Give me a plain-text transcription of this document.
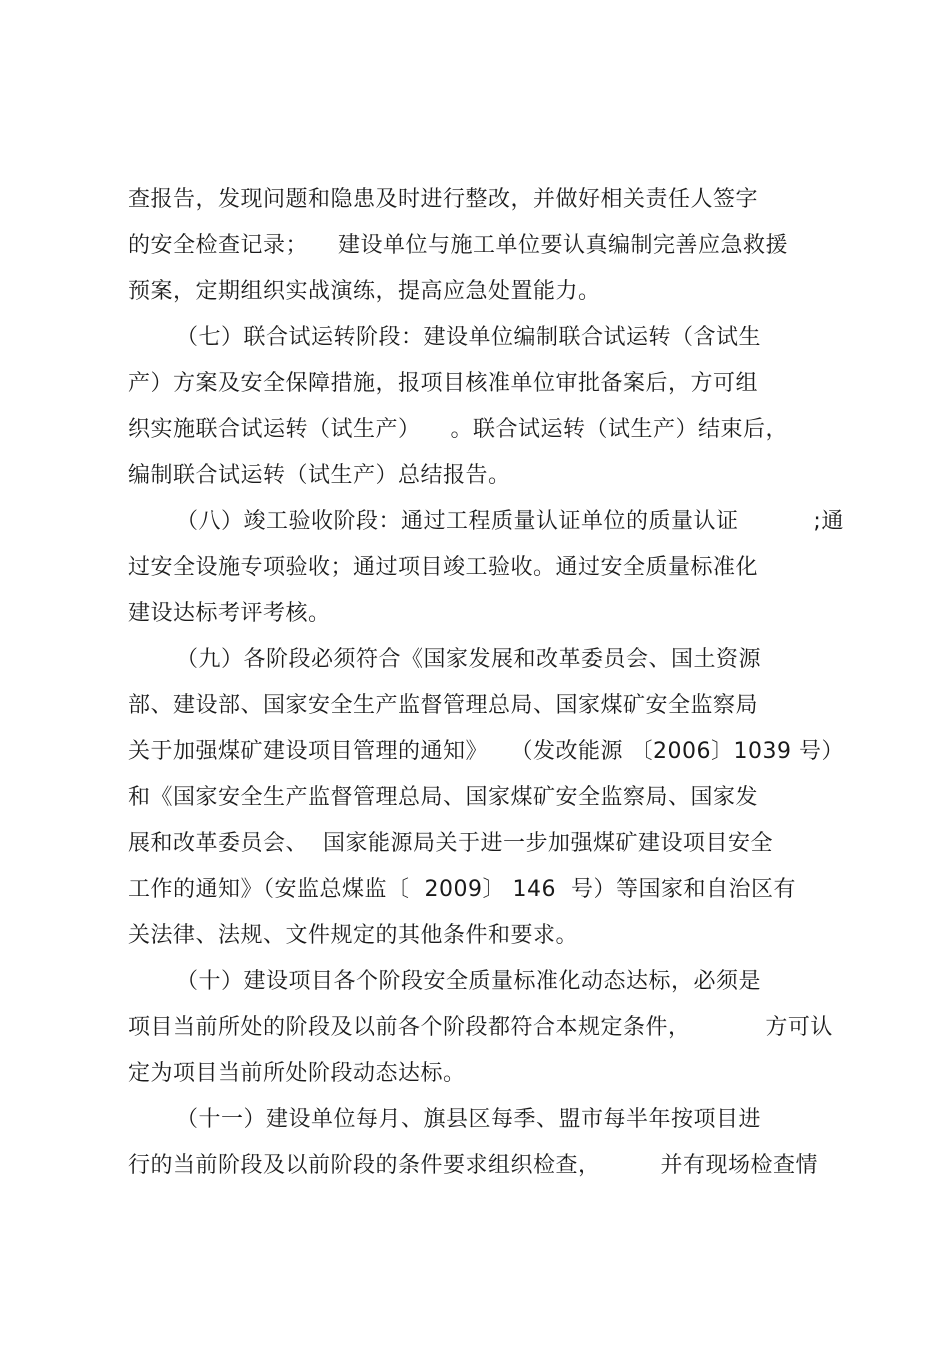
查报告，发现问题和隐患及时进行整改，并做好相关责任人签字
的安全检查记录；    建设单位与施工单位要认真编制完善应急救援
预案，定期组织实战演练，提高应急处置能力。
（七）联合试运转阶段：建设单位编制联合试运转（含试生
产）方案及安全保障措施，报项目核准单位审批备案后，方可组
织实施联合试运转（试生产）    。联合试运转（试生产）结束后，
编制联合试运转（试生产）总结报告。
（八）竣工验收阶段：通过工程质量认证单位的质量认证          ;通
过安全设施专项验收；通过项目竣工验收。通过安全质量标准化
建设达标考评考核。
（九）各阶段必须符合《国家发展和改革委员会、国土资源
部、建设部、国家安全生产监督管理总局、国家煤矿安全监察局
关于加强煤矿建设项目管理的通知》   （发改能源 〔2006〕1039 号）
和《国家安全生产监督管理总局、国家煤矿安全监察局、国家发
展和改革委员会、  国家能源局关于进一步加强煤矿建设项目安全
工作的通知》（安监总煤监〔  2009〕 146  号）等国家和自治区有
关法律、法规、文件规定的其他条件和要求。
（十）建设项目各个阶段安全质量标准化动态达标，必须是
项目当前所处的阶段及以前各个阶段都符合本规定条件，          方可认
定为项目当前所处阶段动态达标。
（十一）建设单位每月、旗县区每季、盟市每半年按项目进
行的当前阶段及以前阶段的条件要求组织检查，        并有现场检查情
